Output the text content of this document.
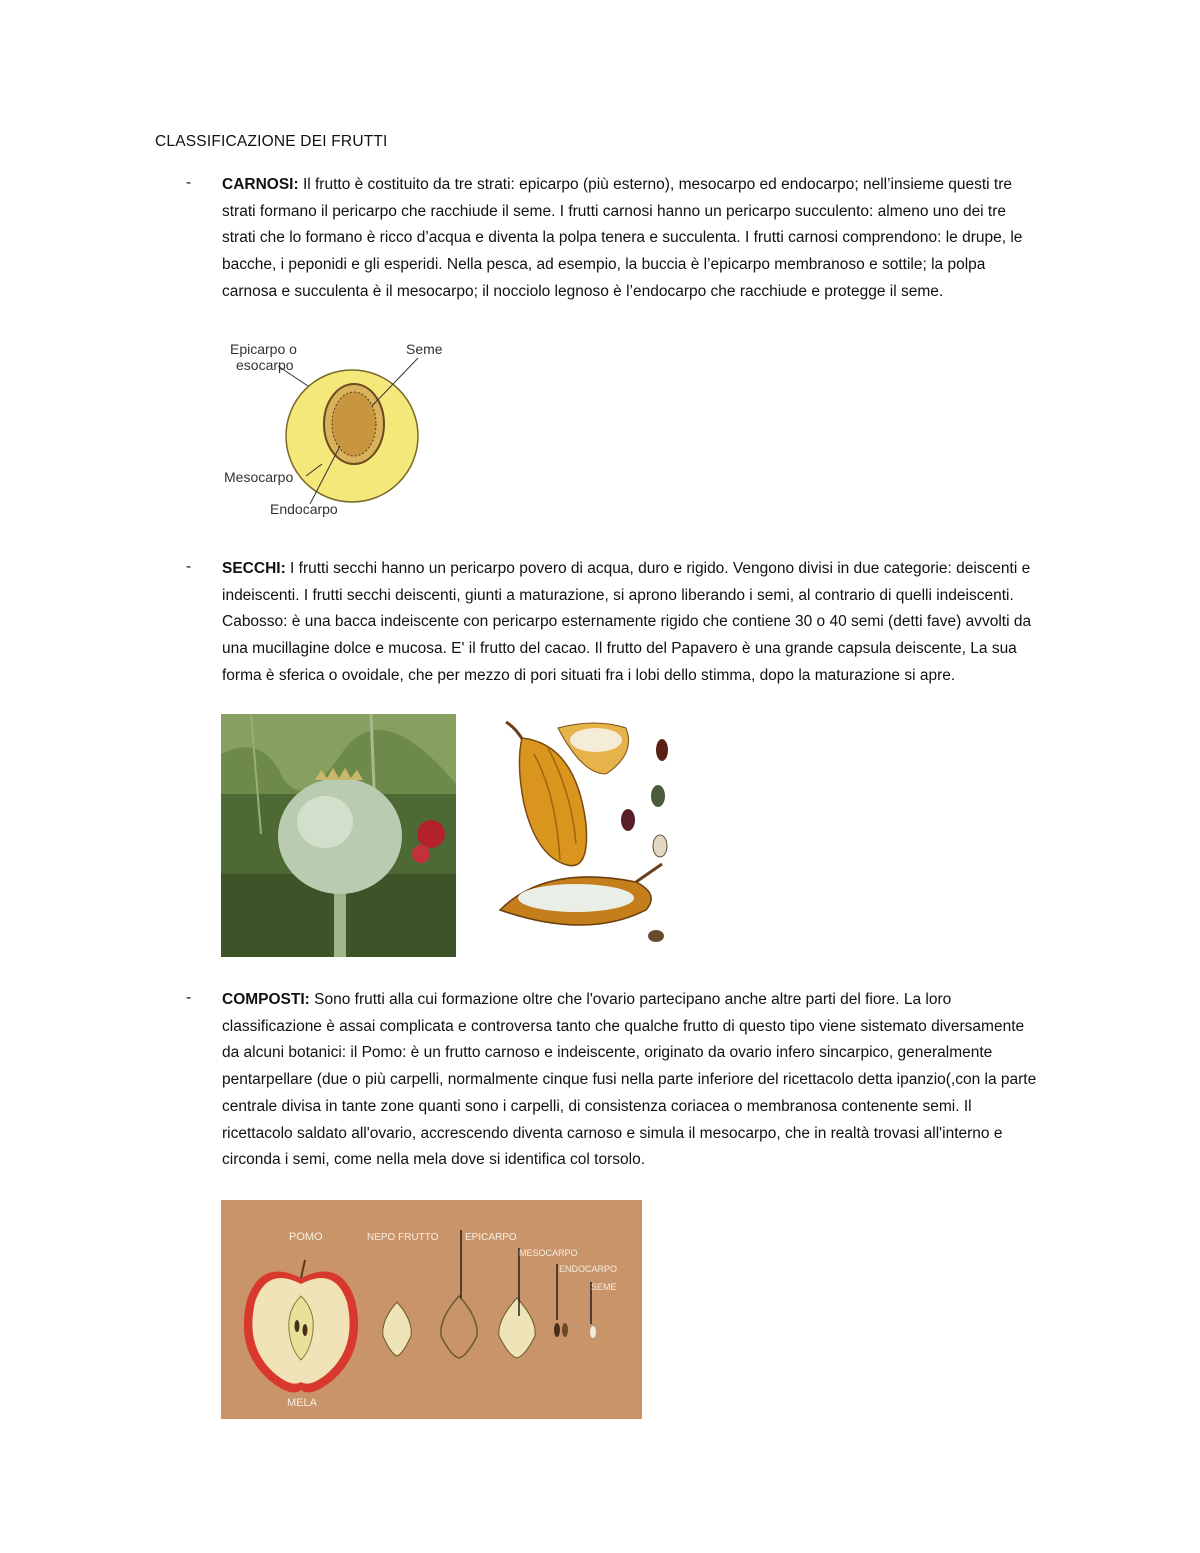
CLASSIFICAZIONE DEI FRUTTI
- CARNOSI: Il frutto è costituito da tre strati: epicarpo (più esterno), mesocarpo ed endocarpo; nell’insieme questi tre strati formano il pericarpo che racchiude il seme. I frutti carnosi hanno un pericarpo succulento: almeno uno dei tre strati che lo formano è ricco d’acqua e diventa la polpa tenera e succulenta. I frutti carnosi comprendono: le drupe, le bacche, i peponidi e gli esperidi. Nella pesca, ad esempio, la buccia è l’epicarpo membranoso e sottile; la polpa carnosa e succulenta è il mesocarpo; il nocciolo legnoso è l’endocarpo che racchiude e protegge il seme.
Epicarpo o
esocarpo
Seme
Mesocarpo
Endocarpo
- SECCHI: I frutti secchi hanno un pericarpo povero di acqua, duro e rigido. Vengono divisi in due categorie: deiscenti e indeiscenti. I frutti secchi deiscenti, giunti a maturazione, si aprono liberando i semi, al contrario di quelli indeiscenti. Cabosso: è una bacca indeiscente con pericarpo esternamente rigido che contiene 30 o 40 semi (detti fave) avvolti da una mucillagine dolce e mucosa. E' il frutto del cacao. Il frutto del Papavero è una grande capsula deiscente, La sua forma è sferica o ovoidale, che per mezzo di pori situati fra i lobi dello stimma, dopo la maturazione si apre.
- COMPOSTI: Sono frutti alla cui formazione oltre che l'ovario partecipano anche altre parti del fiore. La loro classificazione è assai complicata e controversa tanto che qualche frutto di questo tipo viene sistemato diversamente da alcuni botanici: il Pomo: è un frutto carnoso e indeiscente, originato da ovario infero sincarpico, generalmente pentarpellare (due o più carpelli, normalmente cinque fusi nella parte inferiore del ricettacolo detta ipanzio(,con la parte centrale divisa in tante zone quanti sono i carpelli, di consistenza coriacea o membranosa contenente semi. Il ricettacolo saldato all'ovario, accrescendo diventa carnoso e simula il mesocarpo, che in realtà trovasi all'interno e circonda i semi, come nella mela dove si identifica col torsolo.
POMO	NEPO FRUTTO	EPICARPO
MESOCARPO
ENDOCARPO
SEME
MELA
